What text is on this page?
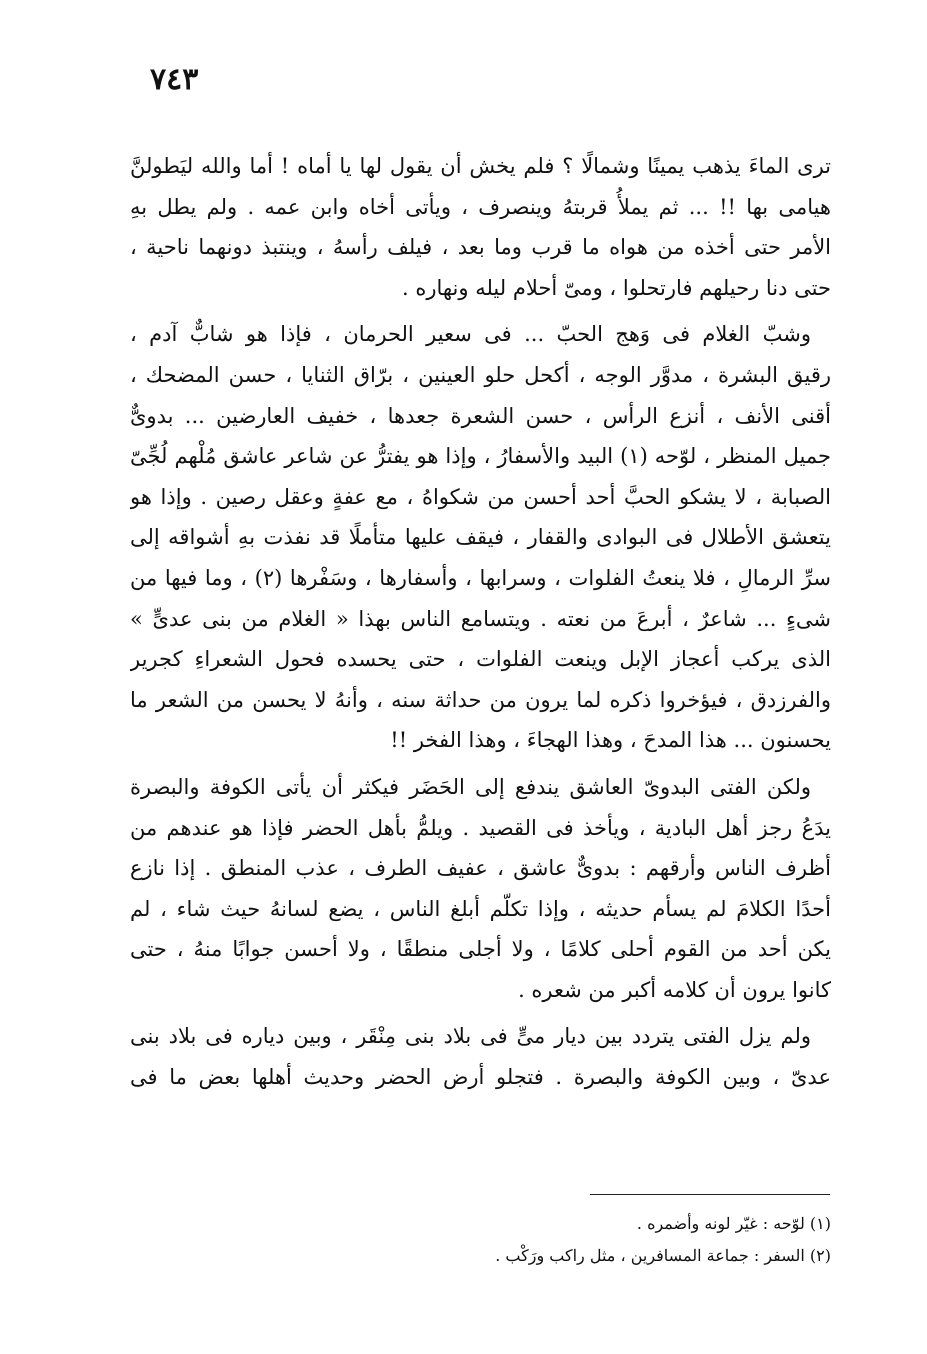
٧٤٣
ترى الماءَ يذهب يمينًا وشمالًا ؟ فلم يخش أن يقول لها يا أماه ! أما والله ليَطولنَّ
هيامى بها !! ... ثم يملأُ قربتهُ وينصرف ، ويأتى أخاه وابن عمه . ولم يطل بهِ
الأمر حتى أخذه من هواه ما قرب وما بعد ، فيلف رأسهُ ، وينتبذ دونهما ناحية ،
حتى دنا رحيلهم فارتحلوا ، ومىّ أحلام ليله ونهاره .
وشبّ الغلام فى وَهج الحبّ ... فى سعير الحرمان ، فإذا هو شابٌّ آدم ،
رقيق البشرة ، مدوَّر الوجه ، أكحل حلو العينين ، برّاق الثنايا ، حسن المضحك ،
أقنى الأنف ، أنزع الرأس ، حسن الشعرة جعدها ، خفيف العارضين ... بدوىٌّ
جميل المنظر ، لوّحه (١) البيد والأسفارُ ، وإذا هو يفترُّ عن شاعر عاشق مُلْهم لُجِّىّ
الصبابة ، لا يشكو الحبَّ أحد أحسن من شكواهُ ، مع عفةٍ وعقل رصين . وإذا هو
يتعشق الأطلال فى البوادى والقفار ، فيقف عليها متأملًا قد نفذت بهِ أشواقه إلى
سرِّ الرمالِ ، فلا ينعتُ الفلوات ، وسرابها ، وأسفارها ، وسَفْرها (٢) ، وما فيها من
شىءٍ ... شاعرٌ ، أبرعَ من نعته . ويتسامع الناس بهذا « الغلام من بنى عدىٍّ »
الذى يركب أعجاز الإبل وينعت الفلوات ، حتى يحسده فحول الشعراءِ كجرير
والفرزدق ، فيؤخروا ذكره لما يرون من حداثة سنه ، وأنهُ لا يحسن من الشعر ما
يحسنون ... هذا المدحَ ، وهذا الهجاءَ ، وهذا الفخر !!
ولكن الفتى البدوىّ العاشق يندفع إلى الحَضَر فيكثر أن يأتى الكوفة والبصرة
يدَعُ رجز أهل البادية ، ويأخذ فى القصيد . ويلمُّ بأهل الحضر فإذا هو عندهم من
أظرف الناس وأرقهم : بدوىٌّ عاشق ، عفيف الطرف ، عذب المنطق . إذا نازع
أحدًا الكلامَ لم يسأم حديثه ، وإذا تكلّم أبلغ الناس ، يضع لسانهُ حيث شاء ، لم
يكن أحد من القوم أحلى كلامًا ، ولا أجلى منطقًا ، ولا أحسن جوابًا منهُ ، حتى
كانوا يرون أن كلامه أكبر من شعره .
ولم يزل الفتى يتردد بين ديار مىٍّ فى بلاد بنى مِنْقَر ، وبين دياره فى بلاد بنى
عدىّ ، وبين الكوفة والبصرة . فتجلو أرض الحضر وحديث أهلها بعض ما فى
(١) لوّحه : غيّر لونه وأضمره .
(٢) السفر : جماعة المسافرين ، مثل راكب ورَكْب .
